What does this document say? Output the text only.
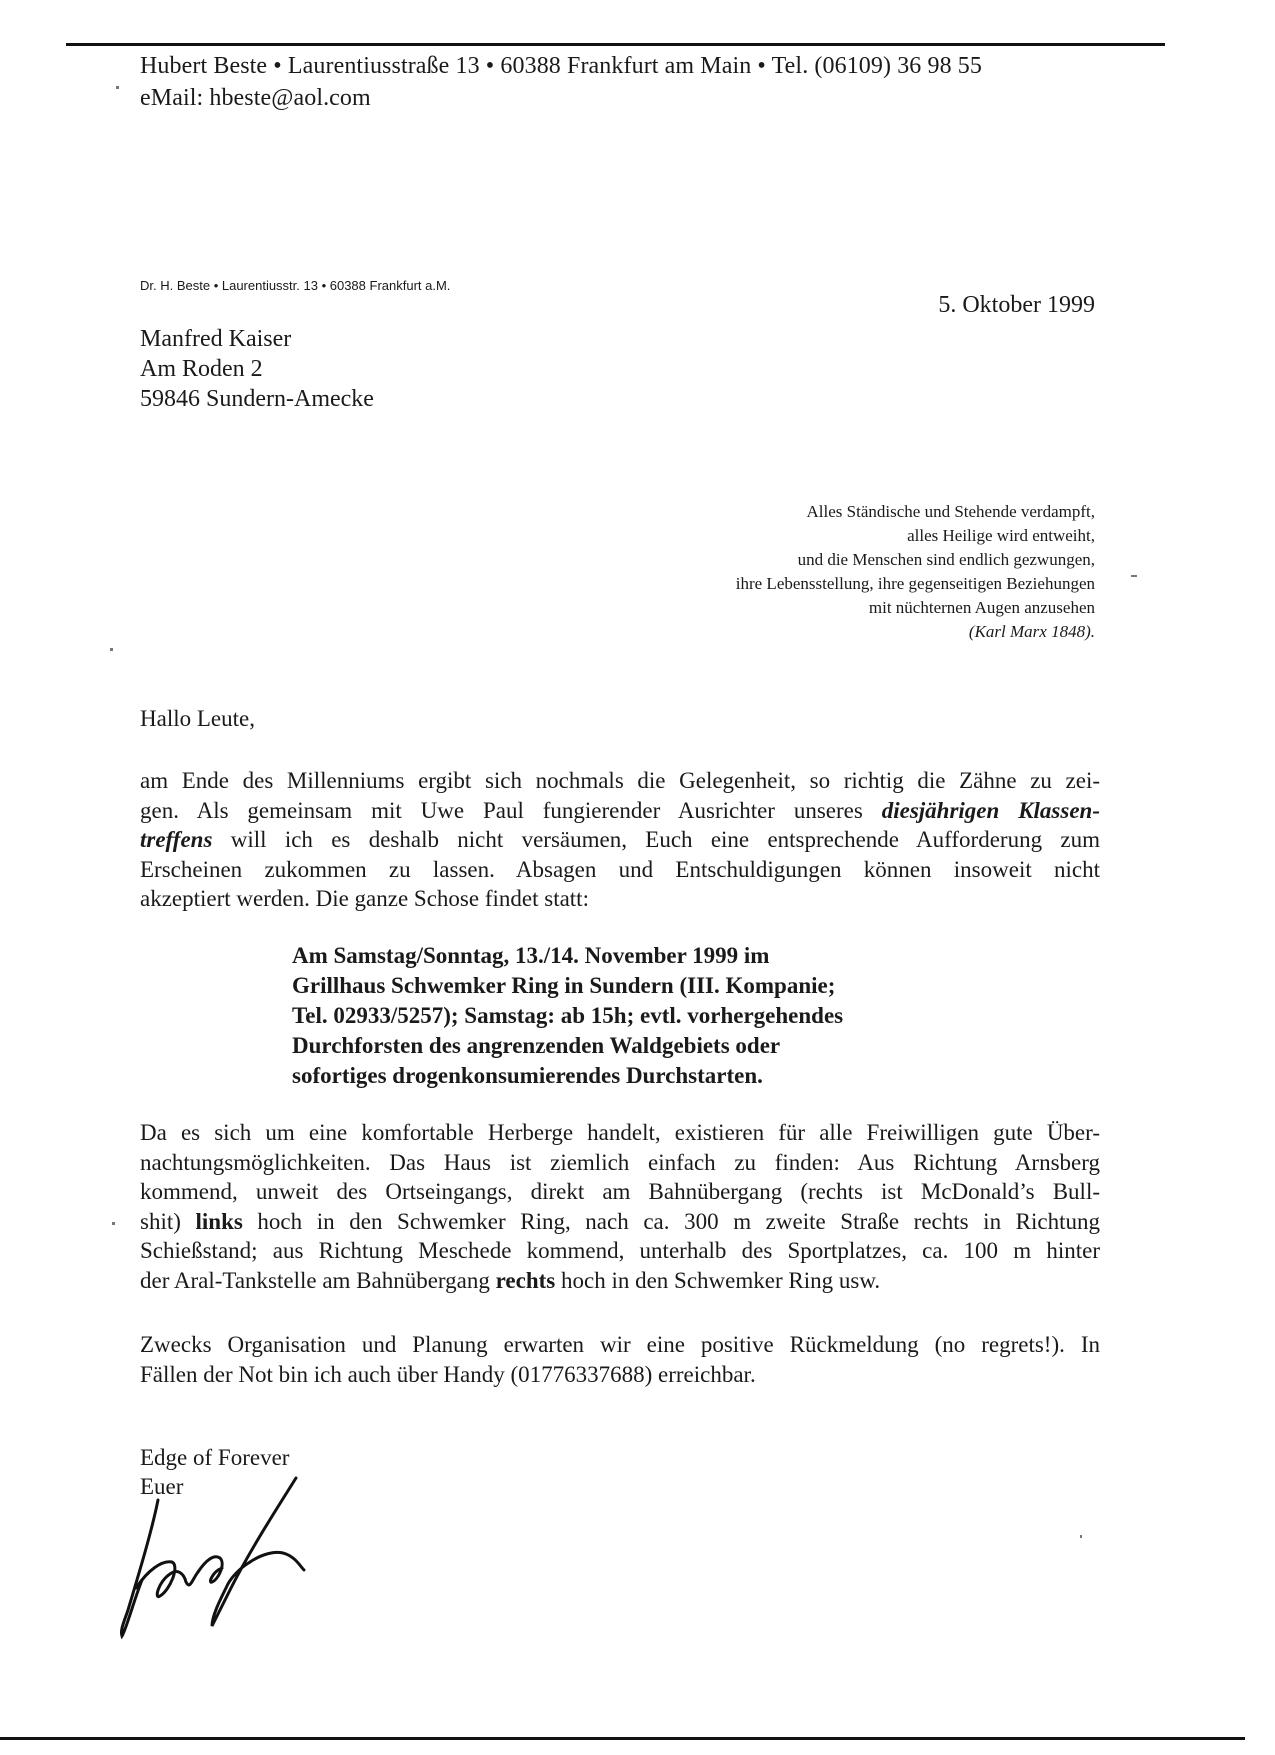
Hubert Beste • Laurentiusstraße 13 • 60388 Frankfurt am Main • Tel. (06109) 36 98 55
eMail: hbeste@aol.com
Dr. H. Beste • Laurentiusstr. 13 • 60388 Frankfurt a.M.
5. Oktober 1999
Manfred Kaiser
Am Roden 2
59846 Sundern-Amecke
Alles Ständische und Stehende verdampft,
alles Heilige wird entweiht,
und die Menschen sind endlich gezwungen,
ihre Lebensstellung, ihre gegenseitigen Beziehungen
mit nüchternen Augen anzusehen
(Karl Marx 1848).
Hallo Leute,
am Ende des Millenniums ergibt sich nochmals die Gelegenheit, so richtig die Zähne zu zei-
gen. Als gemeinsam mit Uwe Paul fungierender Ausrichter unseres diesjährigen Klassen-
treffens will ich es deshalb nicht versäumen, Euch eine entsprechende Aufforderung zum
Erscheinen zukommen zu lassen. Absagen und Entschuldigungen können insoweit nicht
akzeptiert werden. Die ganze Schose findet statt:
Am Samstag/Sonntag, 13./14. November 1999 im
Grillhaus Schwemker Ring in Sundern (III. Kompanie;
Tel. 02933/5257); Samstag: ab 15h; evtl. vorhergehendes
Durchforsten des angrenzenden Waldgebiets oder
sofortiges drogenkonsumierendes Durchstarten.
Da es sich um eine komfortable Herberge handelt, existieren für alle Freiwilligen gute Über-
nachtungsmöglichkeiten. Das Haus ist ziemlich einfach zu finden: Aus Richtung Arnsberg
kommend, unweit des Ortseingangs, direkt am Bahnübergang (rechts ist McDonald’s Bull-
shit) links hoch in den Schwemker Ring, nach ca. 300 m zweite Straße rechts in Richtung
Schießstand; aus Richtung Meschede kommend, unterhalb des Sportplatzes, ca. 100 m hinter
der Aral-Tankstelle am Bahnübergang rechts hoch in den Schwemker Ring usw.
Zwecks Organisation und Planung erwarten wir eine positive Rückmeldung (no regrets!). In
Fällen der Not bin ich auch über Handy (01776337688) erreichbar.
Edge of Forever
Euer
